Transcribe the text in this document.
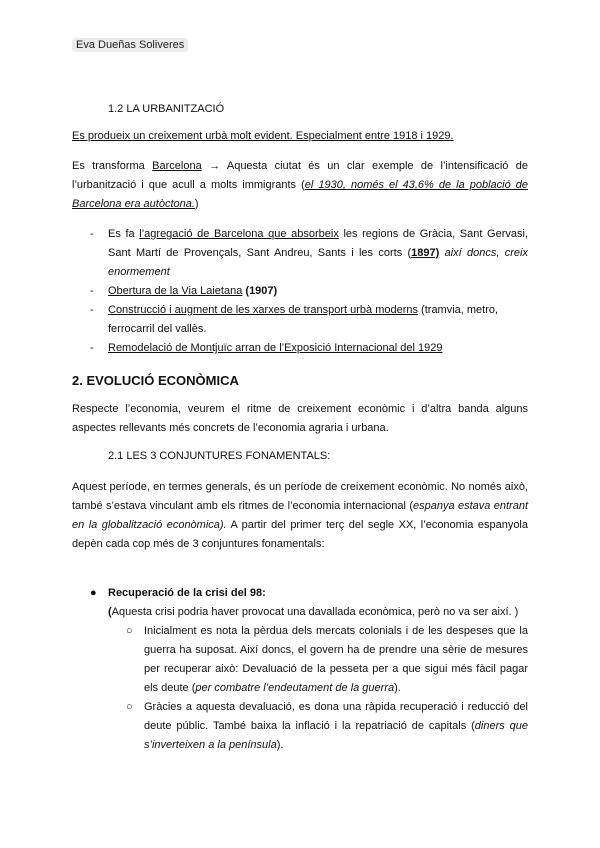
Eva Dueñas Soliveres

1.2 LA URBANITZACIÓ

Es produeix un creixement urbà molt evident. Especialment entre 1918 i 1929.

Es transforma Barcelona → Aquesta ciutat és un clar exemple de l’intensificació de l’urbanització i que acull a molts immigrants (el 1930, només el 43,6% de la població de Barcelona era autòctona.)

- Es fa l’agregació de Barcelona que absorbeix les regions de Gràcia, Sant Gervasi, Sant Martí de Provençals, Sant Andreu, Sants i les corts (1897) així doncs, creix enormement
- Obertura de la Via Laietana (1907)
- Construcció i augment de les xarxes de transport urbà moderns (tramvia, metro, ferrocarril del vallès.
- Remodelació de Montjuïc arran de l’Exposició Internacional del 1929

2. EVOLUCIÓ ECONÒMICA

Respecte l’economia, veurem el ritme de creixement econòmic i d’altra banda alguns aspectes rellevants més concrets de l’economia agraria i urbana.

2.1 LES 3 CONJUNTURES FONAMENTALS:

Aquest període, en termes generals, és un període de creixement econòmic. No només això, també s’estava vinculant amb els ritmes de l’economia internacional (espanya estava entrant en la globalització econòmica). A partir del primer terç del segle XX, l’economia espanyola depèn cada cop més de 3 conjuntures fonamentals:

● Recuperació de la crisi del 98:
(Aquesta crisi podria haver provocat una davallada econòmica, però no va ser així. )
○ Inicialment es nota la pèrdua dels mercats colonials i de les despeses que la guerra ha suposat. Així doncs, el govern ha de prendre una sèrie de mesures per recuperar això: Devaluació de la pesseta per a que sigui més fàcil pagar els deute (per combatre l’endeutament de la guerra).
○ Gràcies a aquesta devaluació, es dona una ràpida recuperació i reducció del deute públic. També baixa la inflació i la repatriació de capitals (diners que s’inverteixen a la península).
